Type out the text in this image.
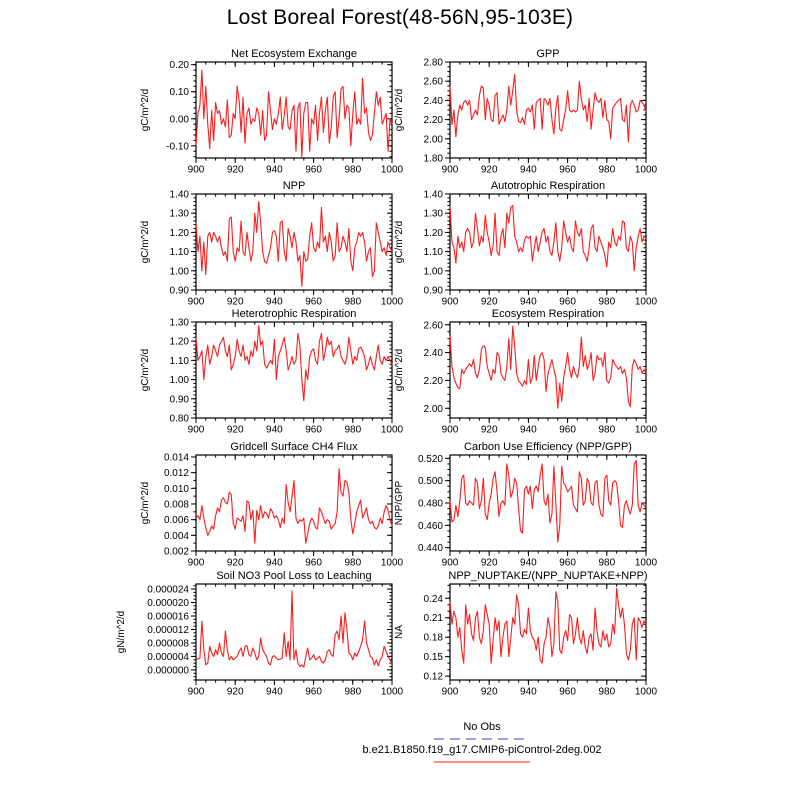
Lost Boreal Forest(48-56N,95-103E)
900 920 940 960 980 1000
0.20
0.10
0.00
-0.10
Net Ecosystem Exchange
gC/m^2/d
900 920 940 960 980 1000
2.80
2.60
2.40
2.20
2.00
1.80
GPP
gC/m^2/d
900 920 940 960 980 1000
1.40
1.30
1.20
1.10
1.00
0.90
NPP
gC/m^2/d
900 920 940 960 980 1000
1.40
1.30
1.20
1.10
1.00
0.90
Autotrophic Respiration
gC/m^2/d
900 920 940 960 980 1000
1.30
1.20
1.10
1.00
0.90
0.80
Heterotrophic Respiration
gC/m^2/d
900 920 940 960 980 1000
2.60
2.40
2.20
2.00
Ecosystem Respiration
gC/m^2/d
900 920 940 960 980 1000
0.014
0.012
0.010
0.008
0.006
0.004
0.002
Gridcell Surface CH4 Flux
gC/m^2/d
900 920 940 960 980 1000
0.520
0.500
0.480
0.460
0.440
Carbon Use Efficiency (NPP/GPP)
NPP/GPP
900 920 940 960 980 1000
0.000024
0.000020
0.000016
0.000012
0.000008
0.000004
0.000000
Soil NO3 Pool Loss to Leaching
gN/m^2/d
900 920 940 960 980 1000
0.24
0.21
0.18
0.15
0.12
NPP_NUPTAKE/(NPP_NUPTAKE+NPP)
NA
No Obs
b.e21.B1850.f19_g17.CMIP6-piControl-2deg.002
